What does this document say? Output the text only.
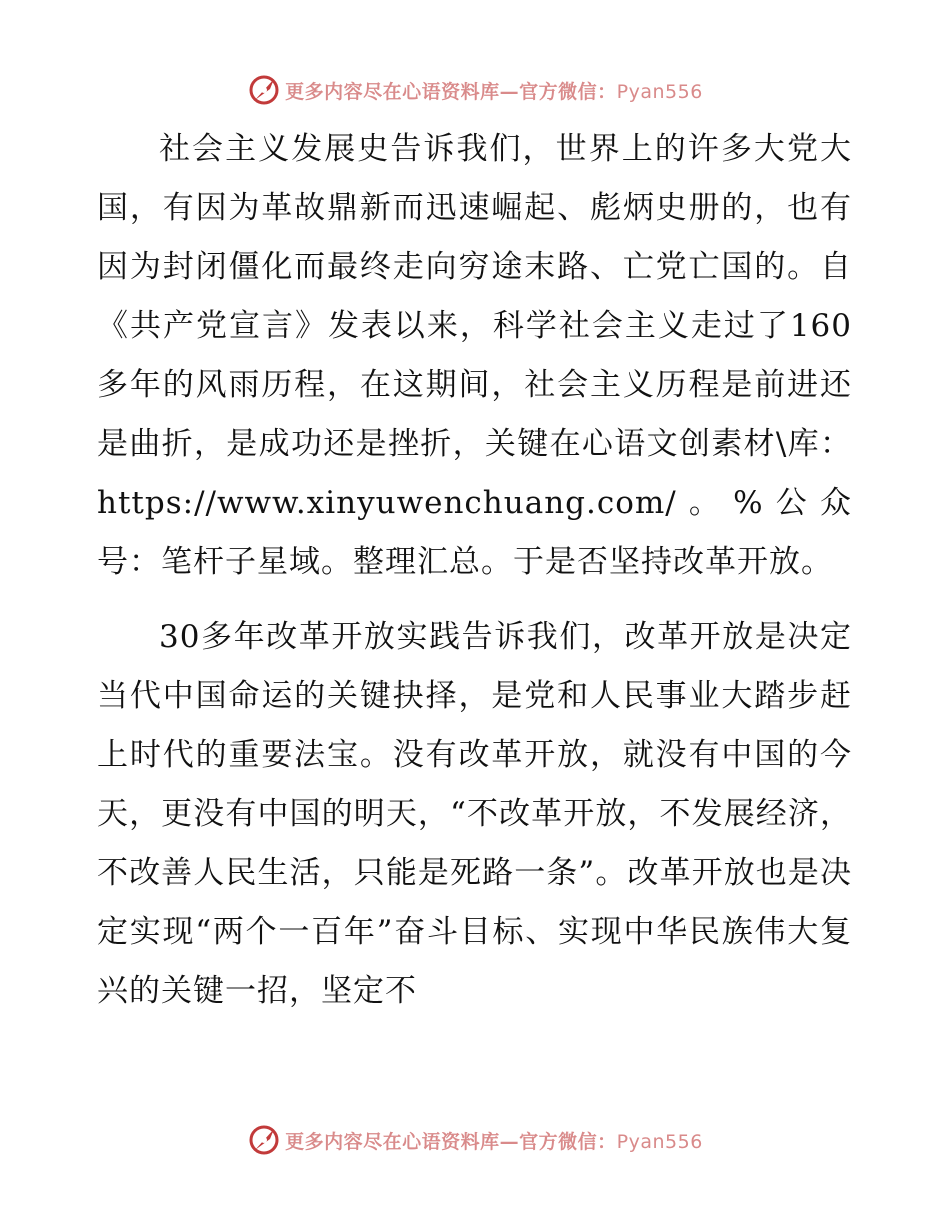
更多内容尽在心语资料库—官方微信：Pyan556

社会主义发展史告诉我们，世界上的许多大党大国，有因为革故鼎新而迅速崛起、彪炳史册的，也有因为封闭僵化而最终走向穷途末路、亡党亡国的。自《共产党宣言》发表以来，科学社会主义走过了160多年的风雨历程，在这期间，社会主义历程是前进还是曲折，是成功还是挫折，关键在心语文创素材\库：https://www.xinyuwenchuang.com/。%公众号：笔杆子星域。整理汇总。于是否坚持改革开放。

30多年改革开放实践告诉我们，改革开放是决定当代中国命运的关键抉择，是党和人民事业大踏步赶上时代的重要法宝。没有改革开放，就没有中国的今天，更没有中国的明天，“不改革开放，不发展经济，不改善人民生活，只能是死路一条”。改革开放也是决定实现“两个一百年”奋斗目标、实现中华民族伟大复兴的关键一招，坚定不

更多内容尽在心语资料库—官方微信：Pyan556
